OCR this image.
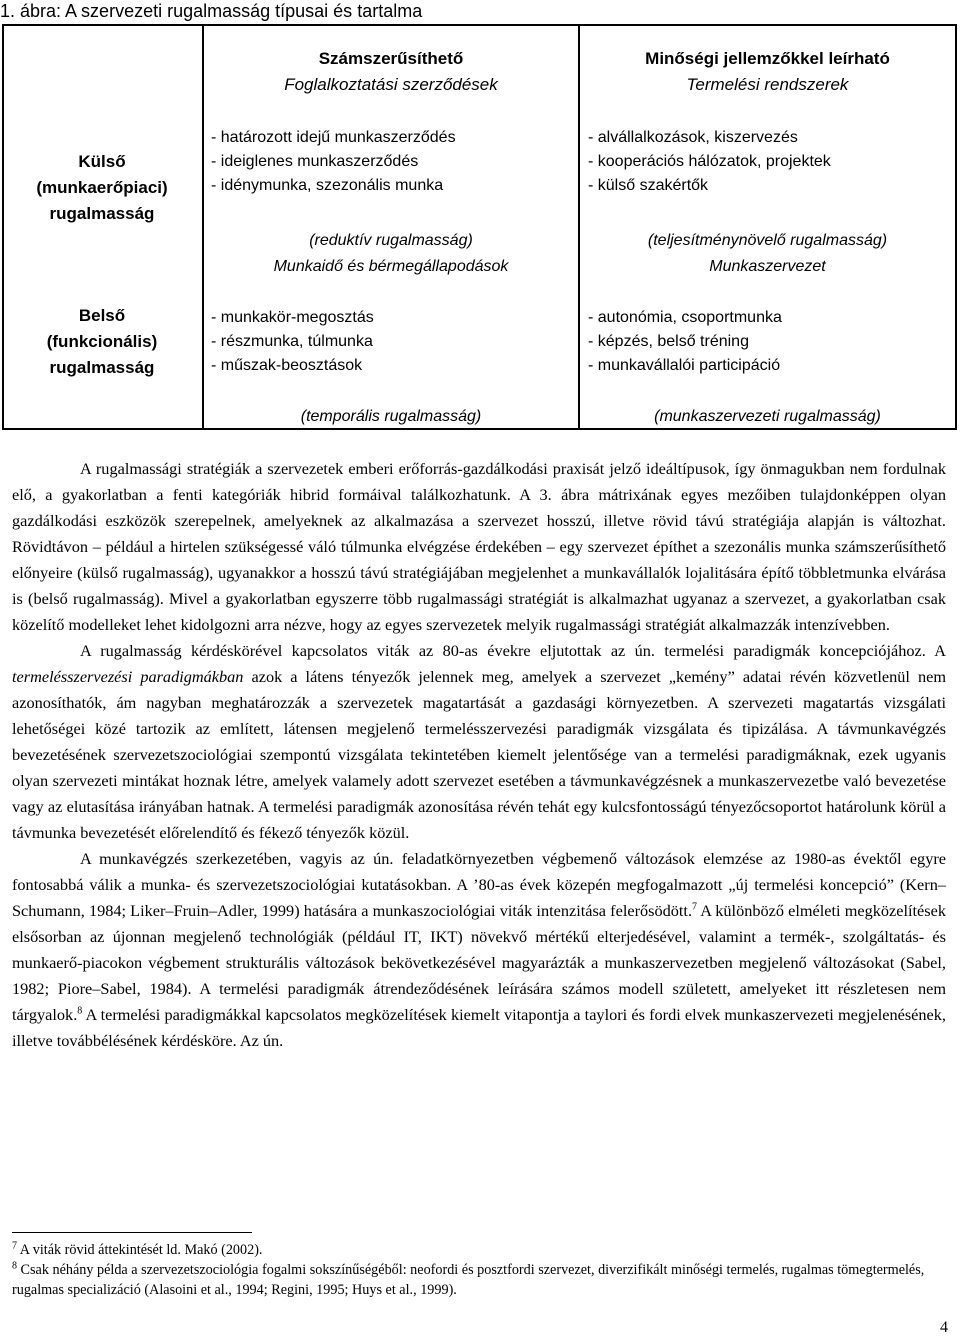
1. ábra: A szervezeti rugalmasság típusai és tartalma
Számszerűsíthető
Foglalkoztatási szerződések
Minőségi jellemzőkkel leírható
Termelési rendszerek
Külső
(munkaerőpiaci)
rugalmasság
Belső
(funkcionális)
rugalmasság
- határozott idejű munkaszerződés
- ideiglenes munkaszerződés
- idénymunka, szezonális munka
(reduktív rugalmasság)
Munkaidő és bérmegállapodások
- alvállalkozások, kiszervezés
- kooperációs hálózatok, projektek
- külső szakértők
(teljesítménynövelő rugalmasság)
Munkaszervezet
- munkakör-megosztás
- részmunka, túlmunka
- műszak-beosztások
(temporális rugalmasság)
- autonómia, csoportmunka
- képzés, belső tréning
- munkavállalói participáció
(munkaszervezeti rugalmasság)

A rugalmassági stratégiák a szervezetek emberi erőforrás-gazdálkodási praxisát jelző ideáltípusok, így önmagukban nem fordulnak elő, a gyakorlatban a fenti kategóriák hibrid formáival találkozhatunk. A 3. ábra mátrixának egyes mezőiben tulajdonképpen olyan gazdálkodási eszközök szerepelnek, amelyeknek az alkalmazása a szervezet hosszú, illetve rövid távú stratégiája alapján is változhat. Rövidtávon – például a hirtelen szükségessé váló túlmunka elvégzése érdekében – egy szervezet építhet a szezonális munka számszerűsíthető előnyeire (külső rugalmasság), ugyanakkor a hosszú távú stratégiájában megjelenhet a munkavállalók lojalitására építő többletmunka elvárása is (belső rugalmasság). Mivel a gyakorlatban egyszerre több rugalmassági stratégiát is alkalmazhat ugyanaz a szervezet, a gyakorlatban csak közelítő modelleket lehet kidolgozni arra nézve, hogy az egyes szervezetek melyik rugalmassági stratégiát alkalmazzák intenzívebben.

A rugalmasság kérdéskörével kapcsolatos viták az 80-as évekre eljutottak az ún. termelési paradigmák koncepciójához. A termelésszervezési paradigmákban azok a látens tényezők jelennek meg, amelyek a szervezet „kemény” adatai révén közvetlenül nem azonosíthatók, ám nagyban meghatározzák a szervezetek magatartását a gazdasági környezetben. A szervezeti magatartás vizsgálati lehetőségei közé tartozik az említett, látensen megjelenő termelésszervezési paradigmák vizsgálata és tipizálása. A távmunkavégzés bevezetésének szervezetszociológiai szempontú vizsgálata tekintetében kiemelt jelentősége van a termelési paradigmáknak, ezek ugyanis olyan szervezeti mintákat hoznak létre, amelyek valamely adott szervezet esetében a távmunkavégzésnek a munkaszervezetbe való bevezetése vagy az elutasítása irányában hatnak. A termelési paradigmák azonosítása révén tehát egy kulcsfontosságú tényezőcsoportot határolunk körül a távmunka bevezetését előrelendítő és fékező tényezők közül.

A munkavégzés szerkezetében, vagyis az ún. feladatkörnyezetben végbemenő változások elemzése az 1980-as évektől egyre fontosabbá válik a munka- és szervezetszociológiai kutatásokban. A ’80-as évek közepén megfogalmazott „új termelési koncepció” (Kern–Schumann, 1984; Liker–Fruin–Adler, 1999) hatására a munkaszociológiai viták intenzitása felerősödött.$^7$ A különböző elméleti megközelítések elsősorban az újonnan megjelenő technológiák (például IT, IKT) növekvő mértékű elterjedésével, valamint a termék-, szolgáltatás- és munkaerő-piacokon végbement strukturális változások bekövetkezésével magyarázták a munkaszervezetben megjelenő változásokat (Sabel, 1982; Piore–Sabel, 1984). A termelési paradigmák átrendeződésének leírására számos modell született, amelyeket itt részletesen nem tárgyalok.$^8$ A termelési paradigmákkal kapcsolatos megközelítések kiemelt vitapontja a taylori és fordi elvek munkaszervezeti megjelenésének, illetve továbbélésének kérdésköre. Az ún.

$^7$ A viták rövid áttekintését ld. Makó (2002).

$^8$ Csak néhány példa a szervezetszociológia fogalmi sokszínűségéből: neofordi és posztfordi szervezet, diverzifikált minőségi termelés, rugalmas tömegtermelés, rugalmas specializáció (Alasoini et al., 1994; Regini, 1995; Huys et al., 1999).

4
